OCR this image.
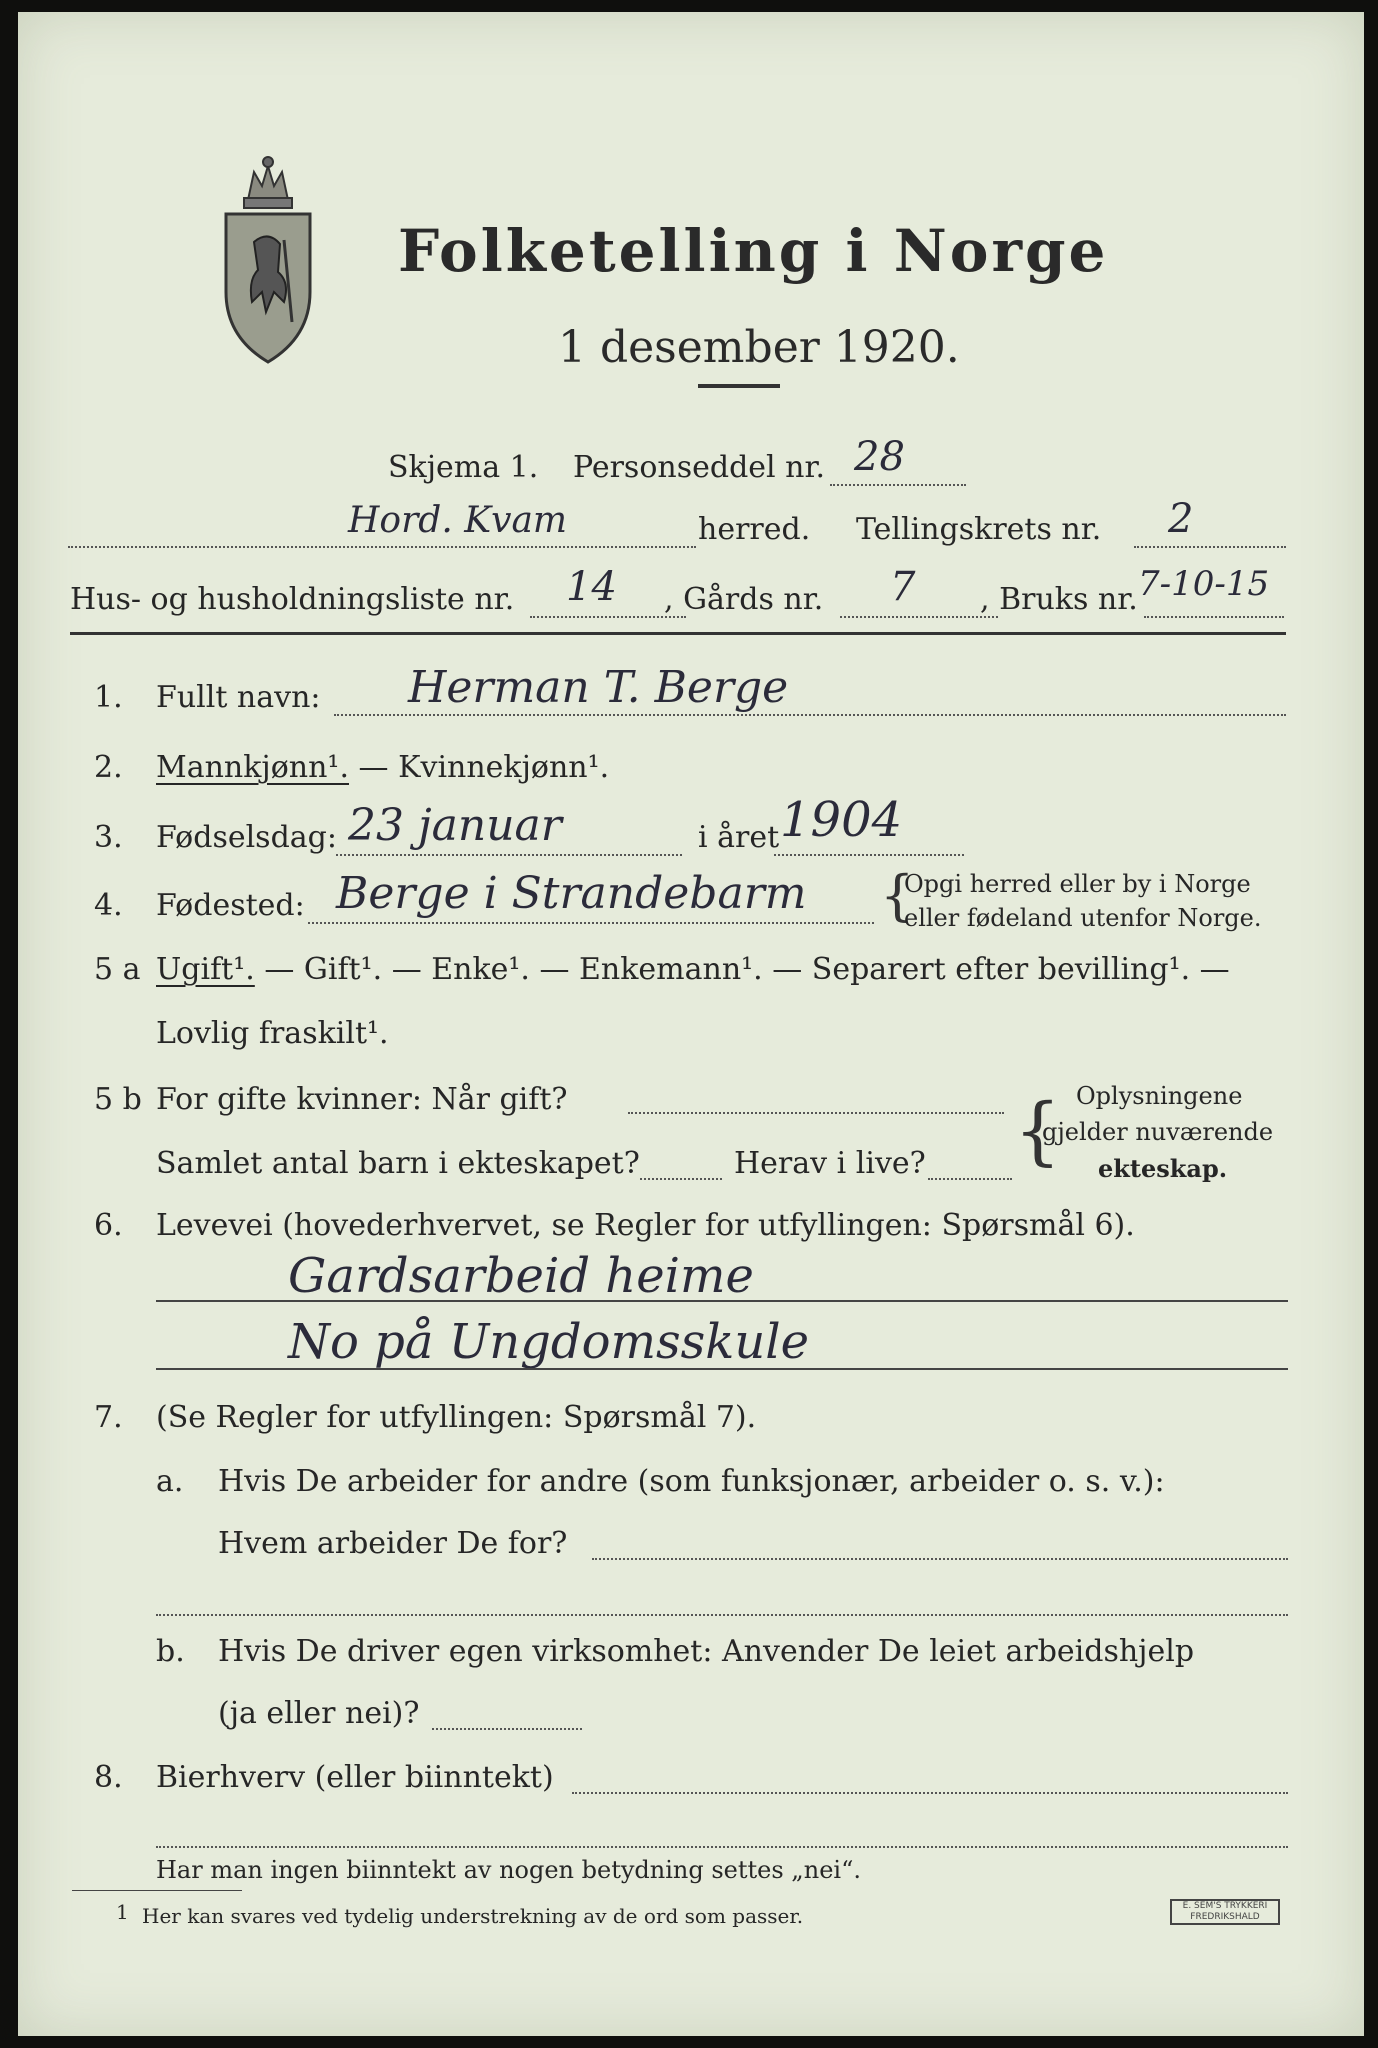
Folketelling i Norge
1 desember 1920.
Skjema 1. Personseddel nr. 28
Hord. Kvam	herred. Tellingskrets nr. 2
Hus- og husholdningsliste nr. 14 , Gårds nr. 7 , Bruks nr. 7-10-15
1. Fullt navn: Herman T. Berge
2. Mannkjønn¹. — Kvinnekjønn¹.
3. Fødselsdag: 23 januar	i året 1904
4. Fødested: Berge i Strandebarm {
Opgi herred eller by i Norge
eller fødeland utenfor Norge.
5 a Ugift¹. — Gift¹. — Enke¹. — Enkemann¹. — Separert efter bevilling¹. —
Lovlig fraskilt¹.
5 b For gifte kvinner: Når gift?
Samlet antal barn i ekteskapet?	Herav i live? { Oplysningene
gjelder nuværende
ekteskap.
6. Levevei (hovederhvervet, se Regler for utfyllingen: Spørsmål 6).
Gardsarbeid heime
No på Ungdomsskule
7. (Se Regler for utfyllingen: Spørsmål 7).
a. Hvis De arbeider for andre (som funksjonær, arbeider o. s. v.):
Hvem arbeider De for?
b. Hvis De driver egen virksomhet: Anvender De leiet arbeidshjelp
(ja eller nei)?
8. Bierhverv (eller biinntekt)
Har man ingen biinntekt av nogen betydning settes „nei“.
1 Her kan svares ved tydelig understrekning av de ord som passer.	E. SEM'S TRYKKERI FREDRIKSHALD
